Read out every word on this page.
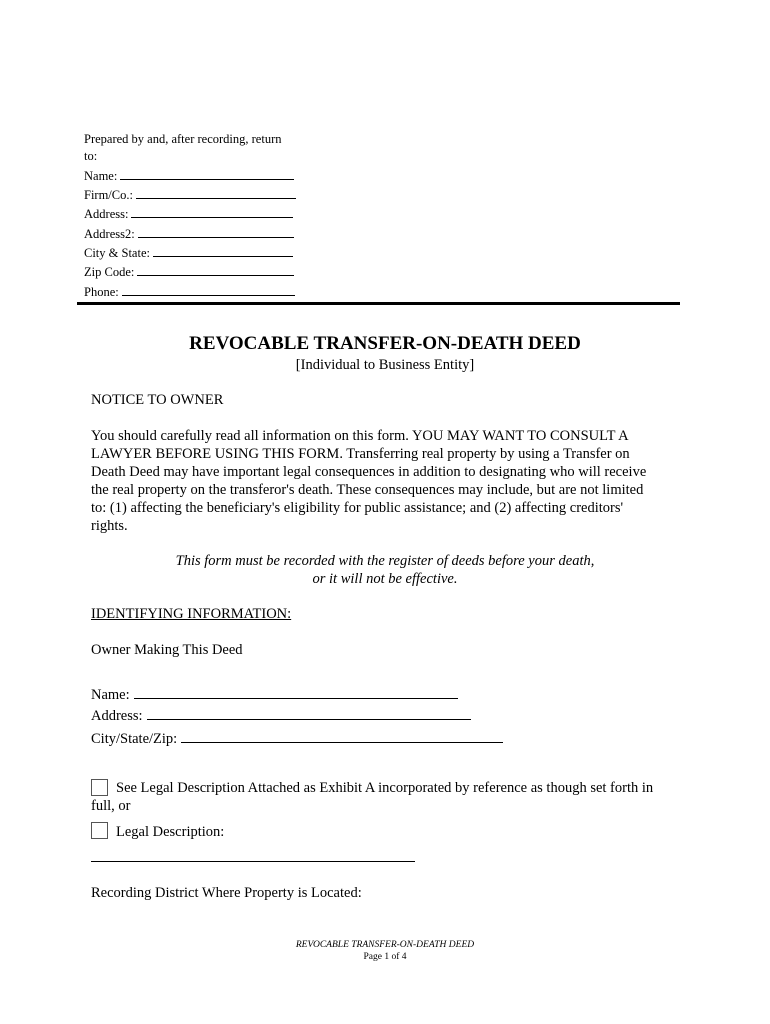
Prepared by and, after recording, return
to:
Name:
Firm/Co.:
Address:
Address2:
City & State:
Zip Code:
Phone:
REVOCABLE TRANSFER-ON-DEATH DEED
[Individual to Business Entity]
NOTICE TO OWNER
You should carefully read all information on this form. YOU MAY WANT TO CONSULT A
LAWYER BEFORE USING THIS FORM. Transferring real property by using a Transfer on
Death Deed may have important legal consequences in addition to designating who will receive
the real property on the transferor's death. These consequences may include, but are not limited
to: (1) affecting the beneficiary's eligibility for public assistance; and (2) affecting creditors'
rights.
This form must be recorded with the register of deeds before your death,
or it will not be effective.
IDENTIFYING INFORMATION:
Owner Making This Deed
Name:
Address:
City/State/Zip:
See Legal Description Attached as Exhibit A incorporated by reference as though set forth in
full, or
Legal Description:
Recording District Where Property is Located:
REVOCABLE TRANSFER-ON-DEATH DEED
Page 1 of 4
